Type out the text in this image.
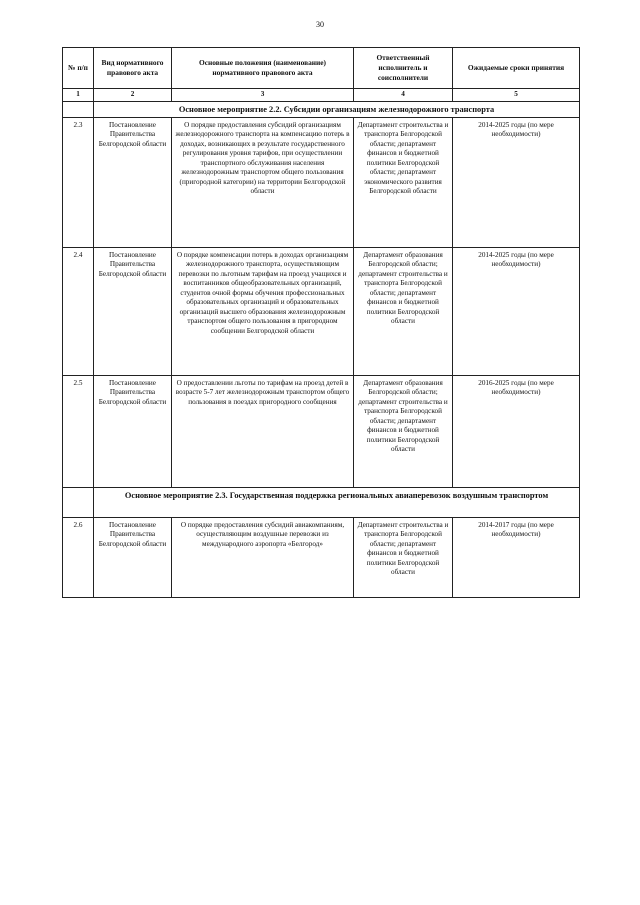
30
№ п/п	Вид нормативного правового акта	Основные положения (наименование) нормативного правового акта	Ответственный исполнитель и соисполнители	Ожидаемые сроки принятия
1	2	3	4	5
	Основное мероприятие 2.2. Субсидии организациям железнодорожного транспорта			
2.3	Постановление Правительства Белгородской области	О порядке предоставления субсидий организациям железнодорожного транспорта на компенсацию потерь в доходах, возникающих в результате государственного регулирования уровня тарифов, при осуществлении транспортного обслуживания населения железнодорожным транспортом общего пользования (пригородной категории) на территории Белгородской области	Департамент строительства и транспорта Белгородской области; департамент финансов и бюджетной политики Белгородской области; департамент экономического развития Белгородской области	2014-2025 годы (по мере необходимости)
2.4	Постановление Правительства Белгородской области	О порядке компенсации потерь в доходах организациям железнодорожного транспорта, осуществляющим перевозки по льготным тарифам на проезд учащихся и воспитанников общеобразовательных организаций, студентов очной формы обучения профессиональных образовательных организаций и образовательных организаций высшего образования железнодорожным транспортом общего пользования в пригородном сообщении Белгородской области	Департамент образования Белгородской области; департамент строительства и транспорта Белгородской области; департамент финансов и бюджетной политики Белгородской области	2014-2025 годы (по мере необходимости)
2.5	Постановление Правительства Белгородской области	О предоставлении льготы по тарифам на проезд детей в возрасте 5-7 лет железнодорожным транспортом общего пользования в поездах пригородного сообщения	Департамент образования Белгородской области; департамент строительства и транспорта Белгородской области; департамент финансов и бюджетной политики Белгородской области	2016-2025 годы (по мере необходимости)
	Основное мероприятие 2.3. Государственная поддержка региональных авиаперевозок воздушным транспортом			
2.6	Постановление Правительства Белгородской области	О порядке предоставления субсидий авиакомпаниям, осуществляющим воздушные перевозки из международного аэропорта «Белгород»	Департамент строительства и транспорта Белгородской области; департамент финансов и бюджетной политики Белгородской области	2014-2017 годы (по мере необходимости)
